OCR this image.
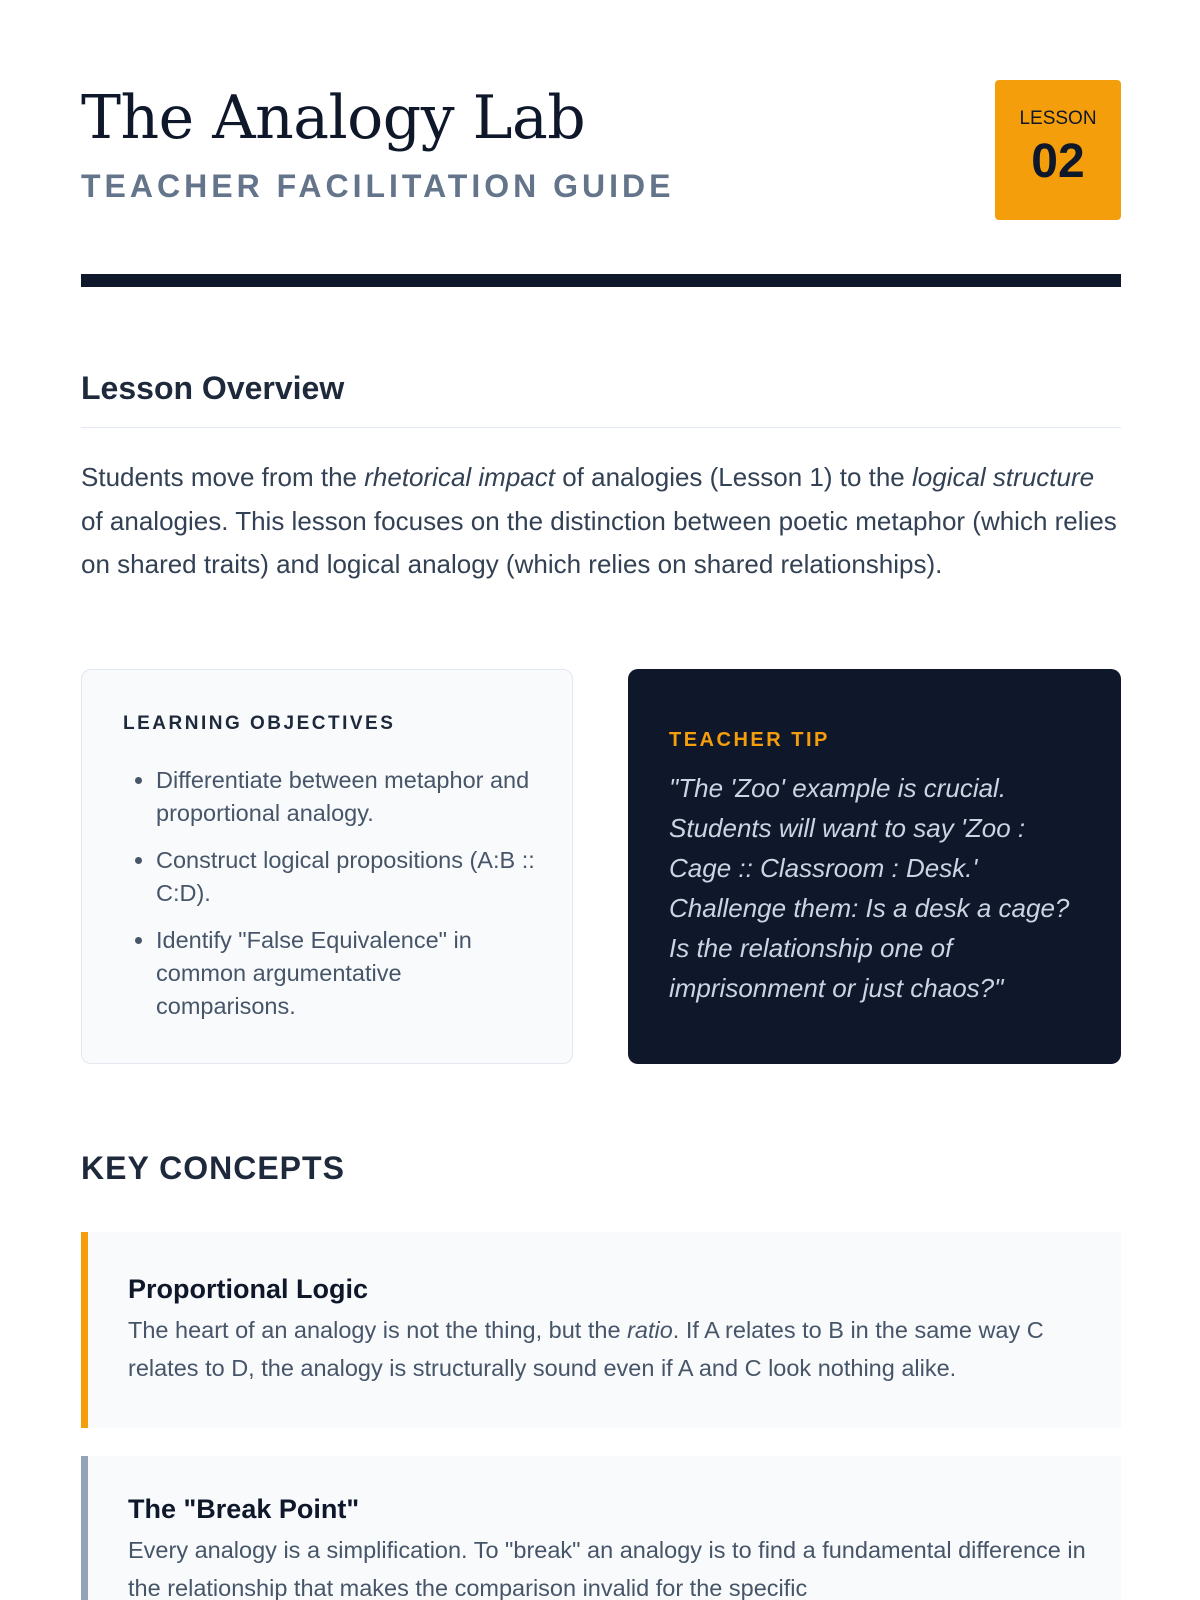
The Analogy Lab
TEACHER FACILITATION GUIDE
LESSON
02
Lesson Overview
Students move from the rhetorical impact of analogies (Lesson 1) to the logical structure of analogies. This lesson focuses on the distinction between poetic metaphor (which relies on shared traits) and logical analogy (which relies on shared relationships).
LEARNING OBJECTIVES
• Differentiate between metaphor and proportional analogy.
• Construct logical propositions (A:B :: C:D).
• Identify "False Equivalence" in common argumentative comparisons.
TEACHER TIP
"The 'Zoo' example is crucial. Students will want to say 'Zoo : Cage :: Classroom : Desk.' Challenge them: Is a desk a cage? Is the relationship one of imprisonment or just chaos?"
KEY CONCEPTS
Proportional Logic
The heart of an analogy is not the thing, but the ratio. If A relates to B in the same way C relates to D, the analogy is structurally sound even if A and C look nothing alike.
The "Break Point"
Every analogy is a simplification. To "break" an analogy is to find a fundamental difference in the relationship that makes the comparison invalid for the specific
